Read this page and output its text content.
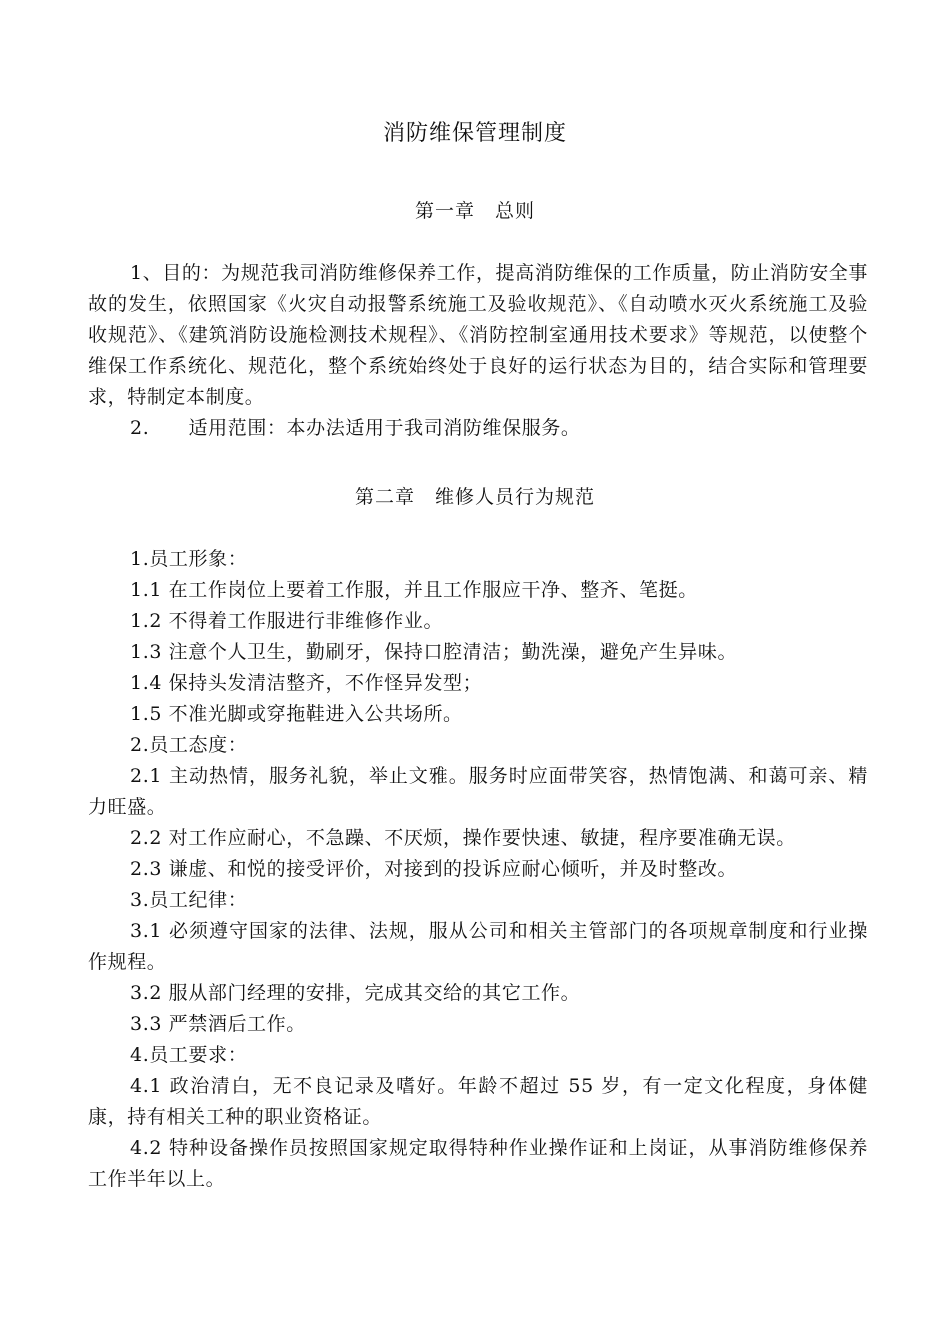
消防维保管理制度
第一章　总则

1、目的：为规范我司消防维修保养工作，提高消防维保的工作质量，防止消防安全事故的发生，依照国家《火灾自动报警系统施工及验收规范》、《自动喷水灭火系统施工及验收规范》、《建筑消防设施检测技术规程》、《消防控制室通用技术要求》等规范，以使整个维保工作系统化、规范化，整个系统始终处于良好的运行状态为目的，结合实际和管理要求，特制定本制度。

2.　　适用范围：本办法适用于我司消防维保服务。

第二章　维修人员行为规范

1.员工形象：

1.1 在工作岗位上要着工作服，并且工作服应干净、整齐、笔挺。

1.2 不得着工作服进行非维修作业。

1.3 注意个人卫生，勤刷牙，保持口腔清洁；勤洗澡，避免产生异味。

1.4 保持头发清洁整齐，不作怪异发型；

1.5 不准光脚或穿拖鞋进入公共场所。

2.员工态度：

2.1 主动热情，服务礼貌，举止文雅。服务时应面带笑容，热情饱满、和蔼可亲、精力旺盛。

2.2 对工作应耐心，不急躁、不厌烦，操作要快速、敏捷，程序要准确无误。

2.3 谦虚、和悦的接受评价，对接到的投诉应耐心倾听，并及时整改。

3.员工纪律：

3.1 必须遵守国家的法律、法规，服从公司和相关主管部门的各项规章制度和行业操作规程。

3.2 服从部门经理的安排，完成其交给的其它工作。

3.3 严禁酒后工作。

4.员工要求：

4.1 政治清白，无不良记录及嗜好。年龄不超过 55 岁，有一定文化程度，身体健康，持有相关工种的职业资格证。

4.2 特种设备操作员按照国家规定取得特种作业操作证和上岗证，从事消防维修保养工作半年以上。
